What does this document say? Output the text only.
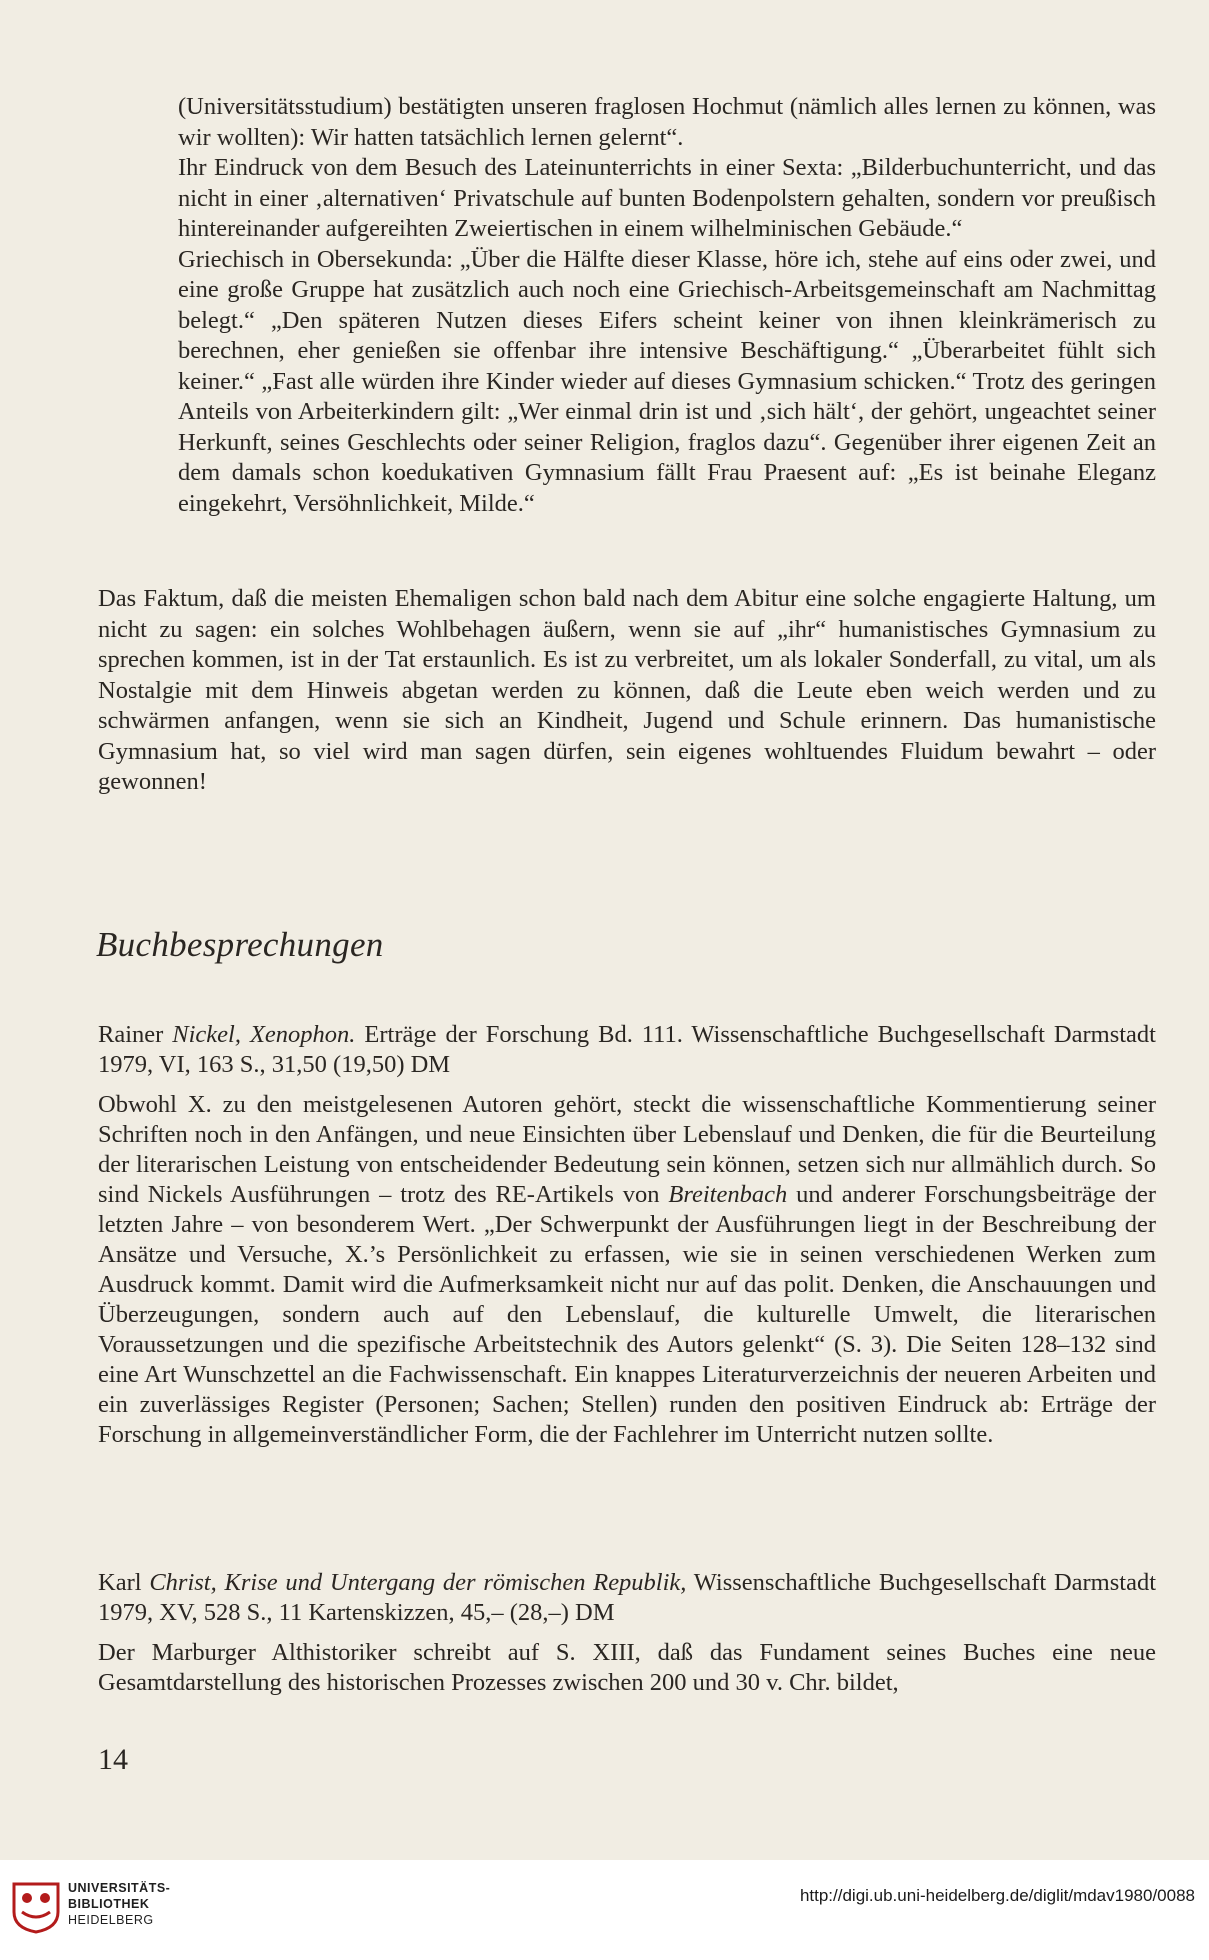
(Universitätsstudium) bestätigten unseren fraglosen Hochmut (nämlich alles lernen zu können, was wir wollten): Wir hatten tatsächlich lernen gelernt“.

Ihr Eindruck von dem Besuch des Lateinunterrichts in einer Sexta: „Bilderbuchunterricht, und das nicht in einer ‚alternativen‘ Privatschule auf bunten Bodenpolstern gehalten, sondern vor preußisch hintereinander aufgereihten Zweiertischen in einem wilhelminischen Gebäude.“

Griechisch in Obersekunda: „Über die Hälfte dieser Klasse, höre ich, stehe auf eins oder zwei, und eine große Gruppe hat zusätzlich auch noch eine Griechisch-Arbeitsgemeinschaft am Nachmittag belegt.“ „Den späteren Nutzen dieses Eifers scheint keiner von ihnen kleinkrämerisch zu berechnen, eher genießen sie offenbar ihre intensive Beschäftigung.“ „Überarbeitet fühlt sich keiner.“ „Fast alle würden ihre Kinder wieder auf dieses Gymnasium schicken.“ Trotz des geringen Anteils von Arbeiterkindern gilt: „Wer einmal drin ist und ‚sich hält‘, der gehört, ungeachtet seiner Herkunft, seines Geschlechts oder seiner Religion, fraglos dazu“. Gegenüber ihrer eigenen Zeit an dem damals schon koedukativen Gymnasium fällt Frau Praesent auf: „Es ist beinahe Eleganz eingekehrt, Versöhnlichkeit, Milde.“

Das Faktum, daß die meisten Ehemaligen schon bald nach dem Abitur eine solche engagierte Haltung, um nicht zu sagen: ein solches Wohlbehagen äußern, wenn sie auf „ihr“ humanistisches Gymnasium zu sprechen kommen, ist in der Tat erstaunlich. Es ist zu verbreitet, um als lokaler Sonderfall, zu vital, um als Nostalgie mit dem Hinweis abgetan werden zu können, daß die Leute eben weich werden und zu schwärmen anfangen, wenn sie sich an Kindheit, Jugend und Schule erinnern. Das humanistische Gymnasium hat, so viel wird man sagen dürfen, sein eigenes wohltuendes Fluidum bewahrt – oder gewonnen!

Buchbesprechungen

Rainer Nickel, Xenophon. Erträge der Forschung Bd. 111. Wissenschaftliche Buchgesellschaft Darmstadt 1979, VI, 163 S., 31,50 (19,50) DM

Obwohl X. zu den meistgelesenen Autoren gehört, steckt die wissenschaftliche Kommentierung seiner Schriften noch in den Anfängen, und neue Einsichten über Lebenslauf und Denken, die für die Beurteilung der literarischen Leistung von entscheidender Bedeutung sein können, setzen sich nur allmählich durch. So sind Nickels Ausführungen – trotz des RE-Artikels von Breitenbach und anderer Forschungsbeiträge der letzten Jahre – von besonderem Wert. „Der Schwerpunkt der Ausführungen liegt in der Beschreibung der Ansätze und Versuche, X.’s Persönlichkeit zu erfassen, wie sie in seinen verschiedenen Werken zum Ausdruck kommt. Damit wird die Aufmerksamkeit nicht nur auf das polit. Denken, die Anschauungen und Überzeugungen, sondern auch auf den Lebenslauf, die kulturelle Umwelt, die literarischen Voraussetzungen und die spezifische Arbeitstechnik des Autors gelenkt“ (S. 3). Die Seiten 128–132 sind eine Art Wunschzettel an die Fachwissenschaft. Ein knappes Literaturverzeichnis der neueren Arbeiten und ein zuverlässiges Register (Personen; Sachen; Stellen) runden den positiven Eindruck ab: Erträge der Forschung in allgemeinverständlicher Form, die der Fachlehrer im Unterricht nutzen sollte.

Karl Christ, Krise und Untergang der römischen Republik, Wissenschaftliche Buchgesellschaft Darmstadt 1979, XV, 528 S., 11 Kartenskizzen, 45,– (28,–) DM

Der Marburger Althistoriker schreibt auf S. XIII, daß das Fundament seines Buches eine neue Gesamtdarstellung des historischen Prozesses zwischen 200 und 30 v. Chr. bildet,

14
UNIVERSITÄTS-
BIBLIOTHEK
HEIDELBERG
http://digi.ub.uni-heidelberg.de/diglit/mdav1980/0088
